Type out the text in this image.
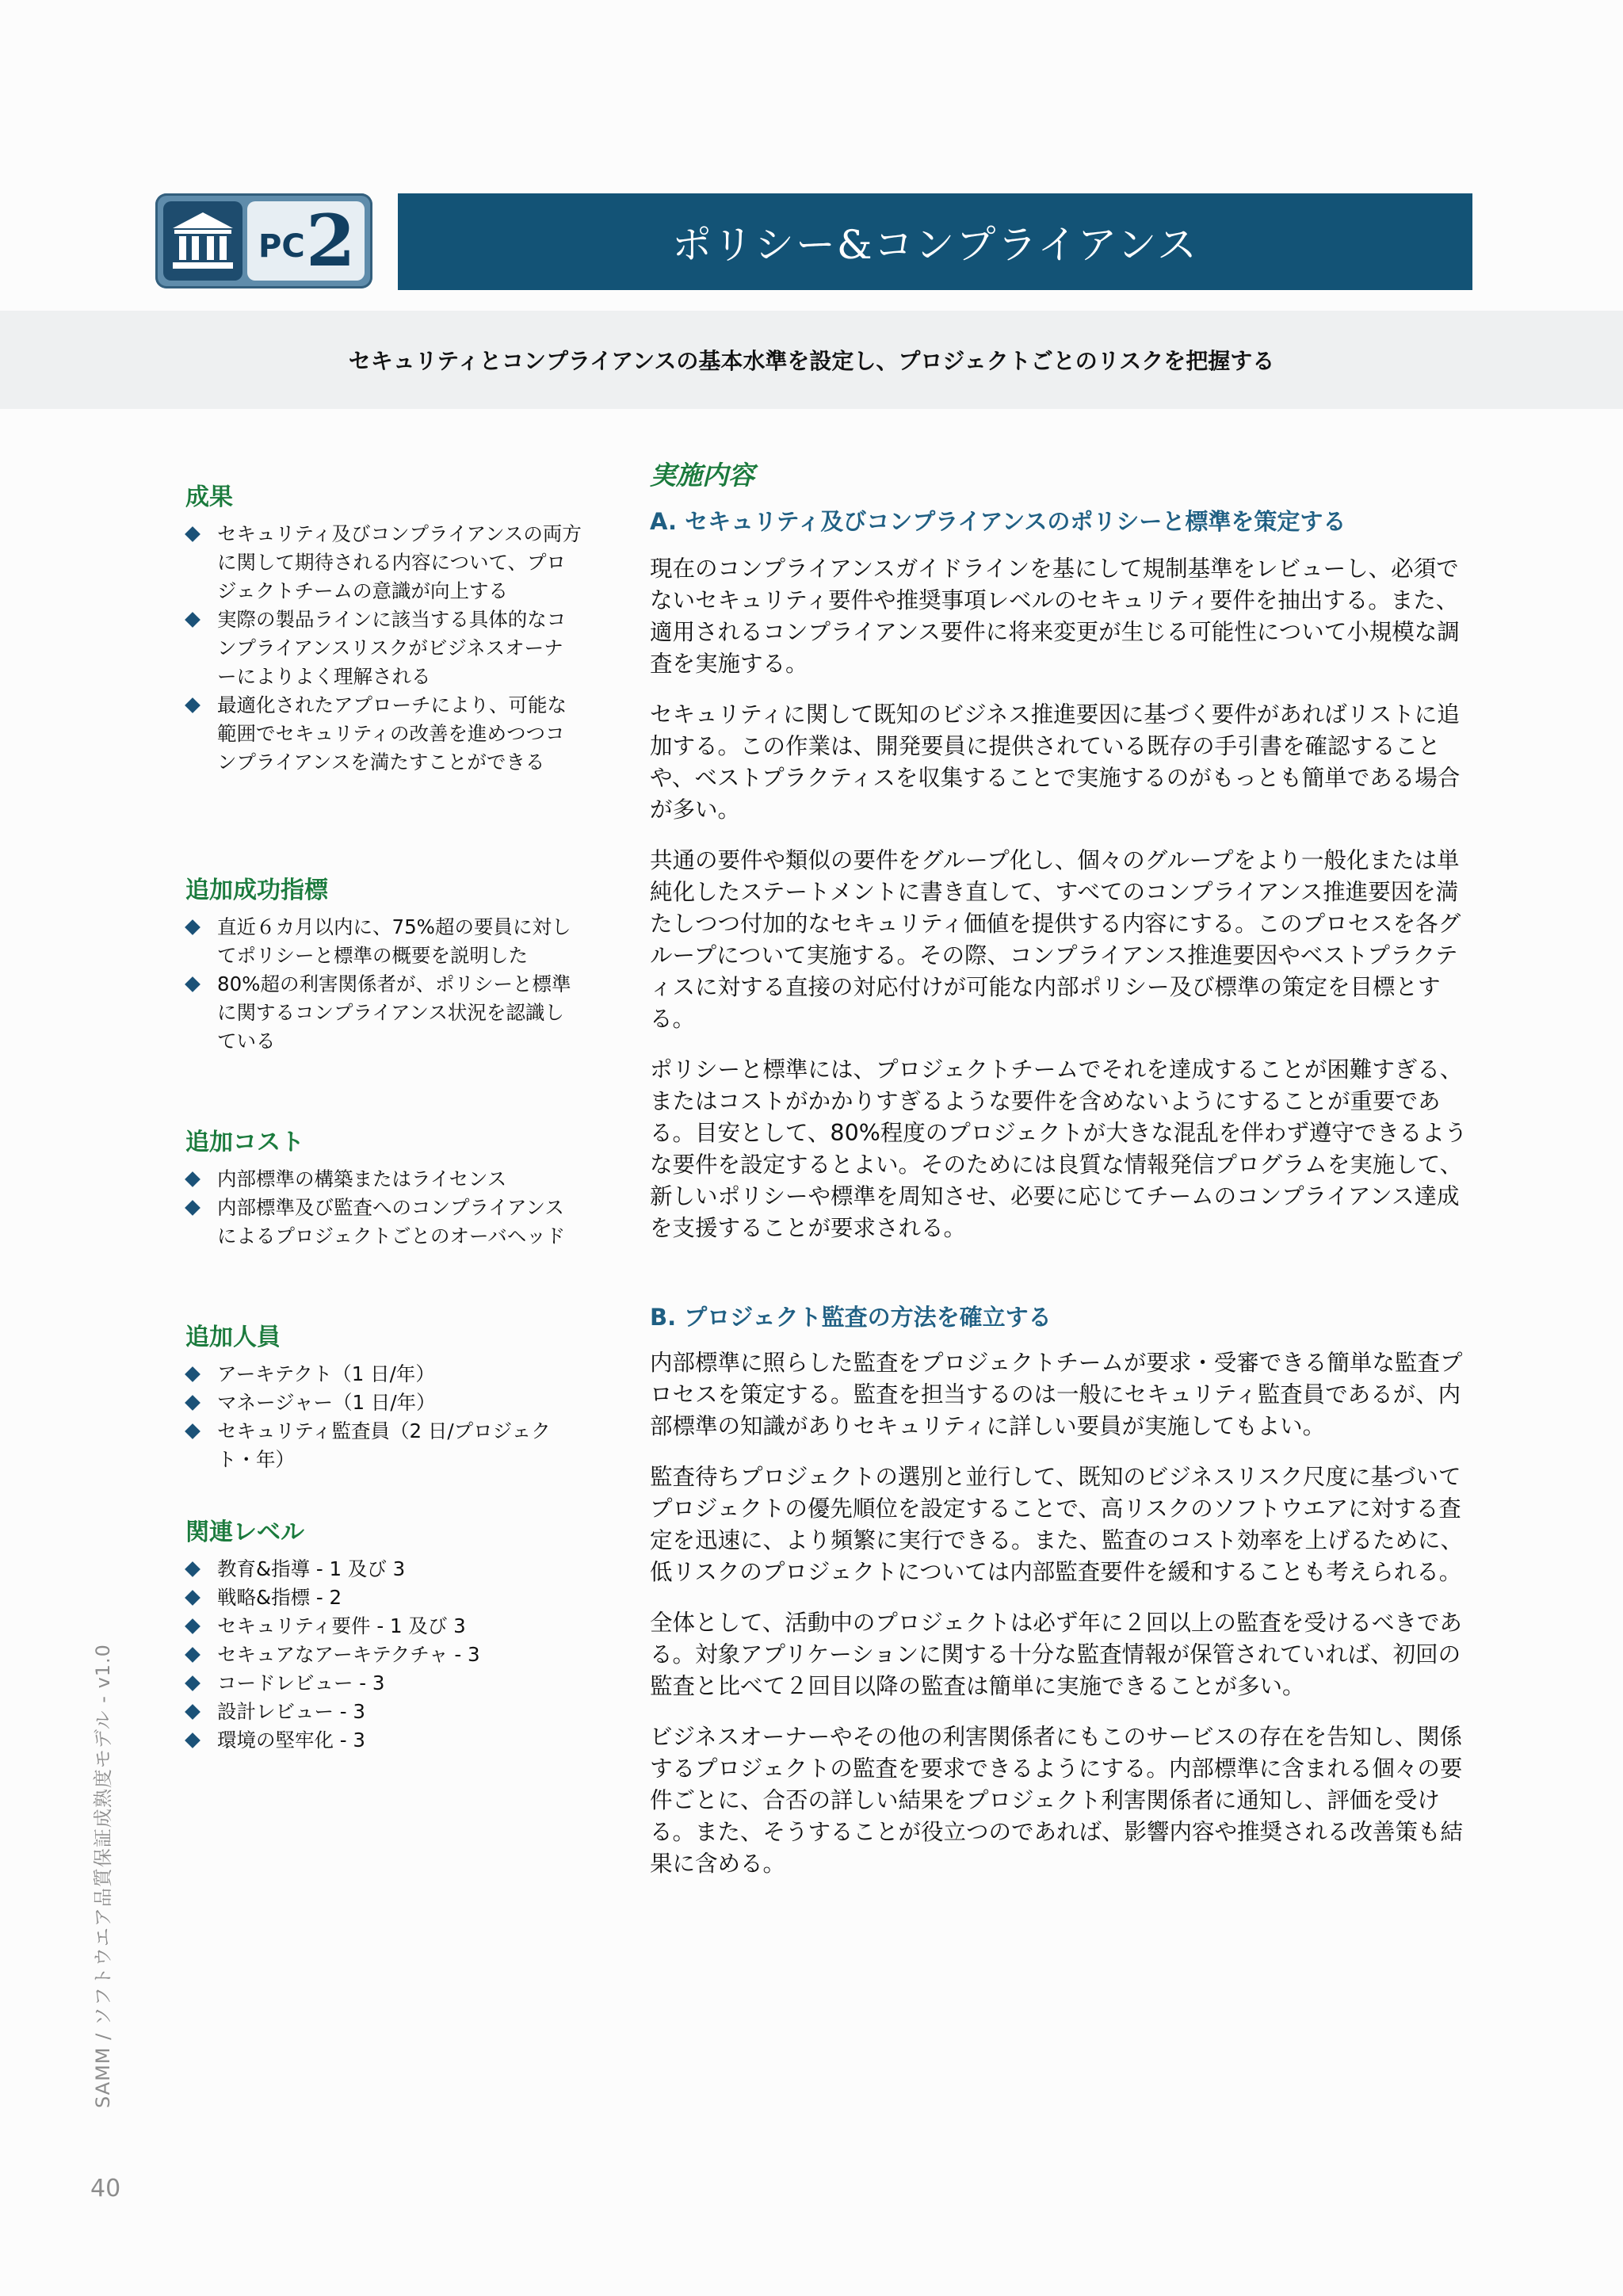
PC 2	ポリシー&コンプライアンス
セキュリティとコンプライアンスの基本水準を設定し、プロジェクトごとのリスクを把握する
成果
セキュリティ及びコンプライアンスの両方に関して期待される内容について、プロジェクトチームの意識が向上する
実際の製品ラインに該当する具体的なコンプライアンスリスクがビジネスオーナーによりよく理解される
最適化されたアプローチにより、可能な範囲でセキュリティの改善を進めつつコンプライアンスを満たすことができる
追加成功指標
直近６カ月以内に、75%超の要員に対してポリシーと標準の概要を説明した
80%超の利害関係者が、ポリシーと標準に関するコンプライアンス状況を認識している
追加コスト
内部標準の構築またはライセンス
内部標準及び監査へのコンプライアンスによるプロジェクトごとのオーバヘッド
追加人員
アーキテクト（1 日/年）
マネージャー（1 日/年）
セキュリティ監査員（2 日/プロジェクト・年）
関連レベル
教育&指導 - 1 及び 3
戦略&指標 - 2
セキュリティ要件 - 1 及び 3
セキュアなアーキテクチャ - 3
コードレビュー - 3
設計レビュー - 3
環境の堅牢化 - 3
実施内容
A. セキュリティ及びコンプライアンスのポリシーと標準を策定する

現在のコンプライアンスガイドラインを基にして規制基準をレビューし、必須でないセキュリティ要件や推奨事項レベルのセキュリティ要件を抽出する。また、適用されるコンプライアンス要件に将来変更が生じる可能性について小規模な調査を実施する。

セキュリティに関して既知のビジネス推進要因に基づく要件があればリストに追加する。この作業は、開発要員に提供されている既存の手引書を確認することや、ベストプラクティスを収集することで実施するのがもっとも簡単である場合が多い。

共通の要件や類似の要件をグループ化し、個々のグループをより一般化または単純化したステートメントに書き直して、すべてのコンプライアンス推進要因を満たしつつ付加的なセキュリティ価値を提供する内容にする。このプロセスを各グループについて実施する。その際、コンプライアンス推進要因やベストプラクティスに対する直接の対応付けが可能な内部ポリシー及び標準の策定を目標とする。

ポリシーと標準には、プロジェクトチームでそれを達成することが困難すぎる、またはコストがかかりすぎるような要件を含めないようにすることが重要である。目安として、80%程度のプロジェクトが大きな混乱を伴わず遵守できるような要件を設定するとよい。そのためには良質な情報発信プログラムを実施して、新しいポリシーや標準を周知させ、必要に応じてチームのコンプライアンス達成を支援することが要求される。

B. プロジェクト監査の方法を確立する

内部標準に照らした監査をプロジェクトチームが要求・受審できる簡単な監査プロセスを策定する。監査を担当するのは一般にセキュリティ監査員であるが、内部標準の知識がありセキュリティに詳しい要員が実施してもよい。

監査待ちプロジェクトの選別と並行して、既知のビジネスリスク尺度に基づいてプロジェクトの優先順位を設定することで、高リスクのソフトウエアに対する査定を迅速に、より頻繁に実行できる。また、監査のコスト効率を上げるために、低リスクのプロジェクトについては内部監査要件を緩和することも考えられる。

全体として、活動中のプロジェクトは必ず年に２回以上の監査を受けるべきである。対象アプリケーションに関する十分な監査情報が保管されていれば、初回の監査と比べて２回目以降の監査は簡単に実施できることが多い。

ビジネスオーナーやその他の利害関係者にもこのサービスの存在を告知し、関係するプロジェクトの監査を要求できるようにする。内部標準に含まれる個々の要件ごとに、合否の詳しい結果をプロジェクト利害関係者に通知し、評価を受ける。また、そうすることが役立つのであれば、影響内容や推奨される改善策も結果に含める。

SAMM / ソフトウエア品質保証成熟度モデル - v1.0
40
